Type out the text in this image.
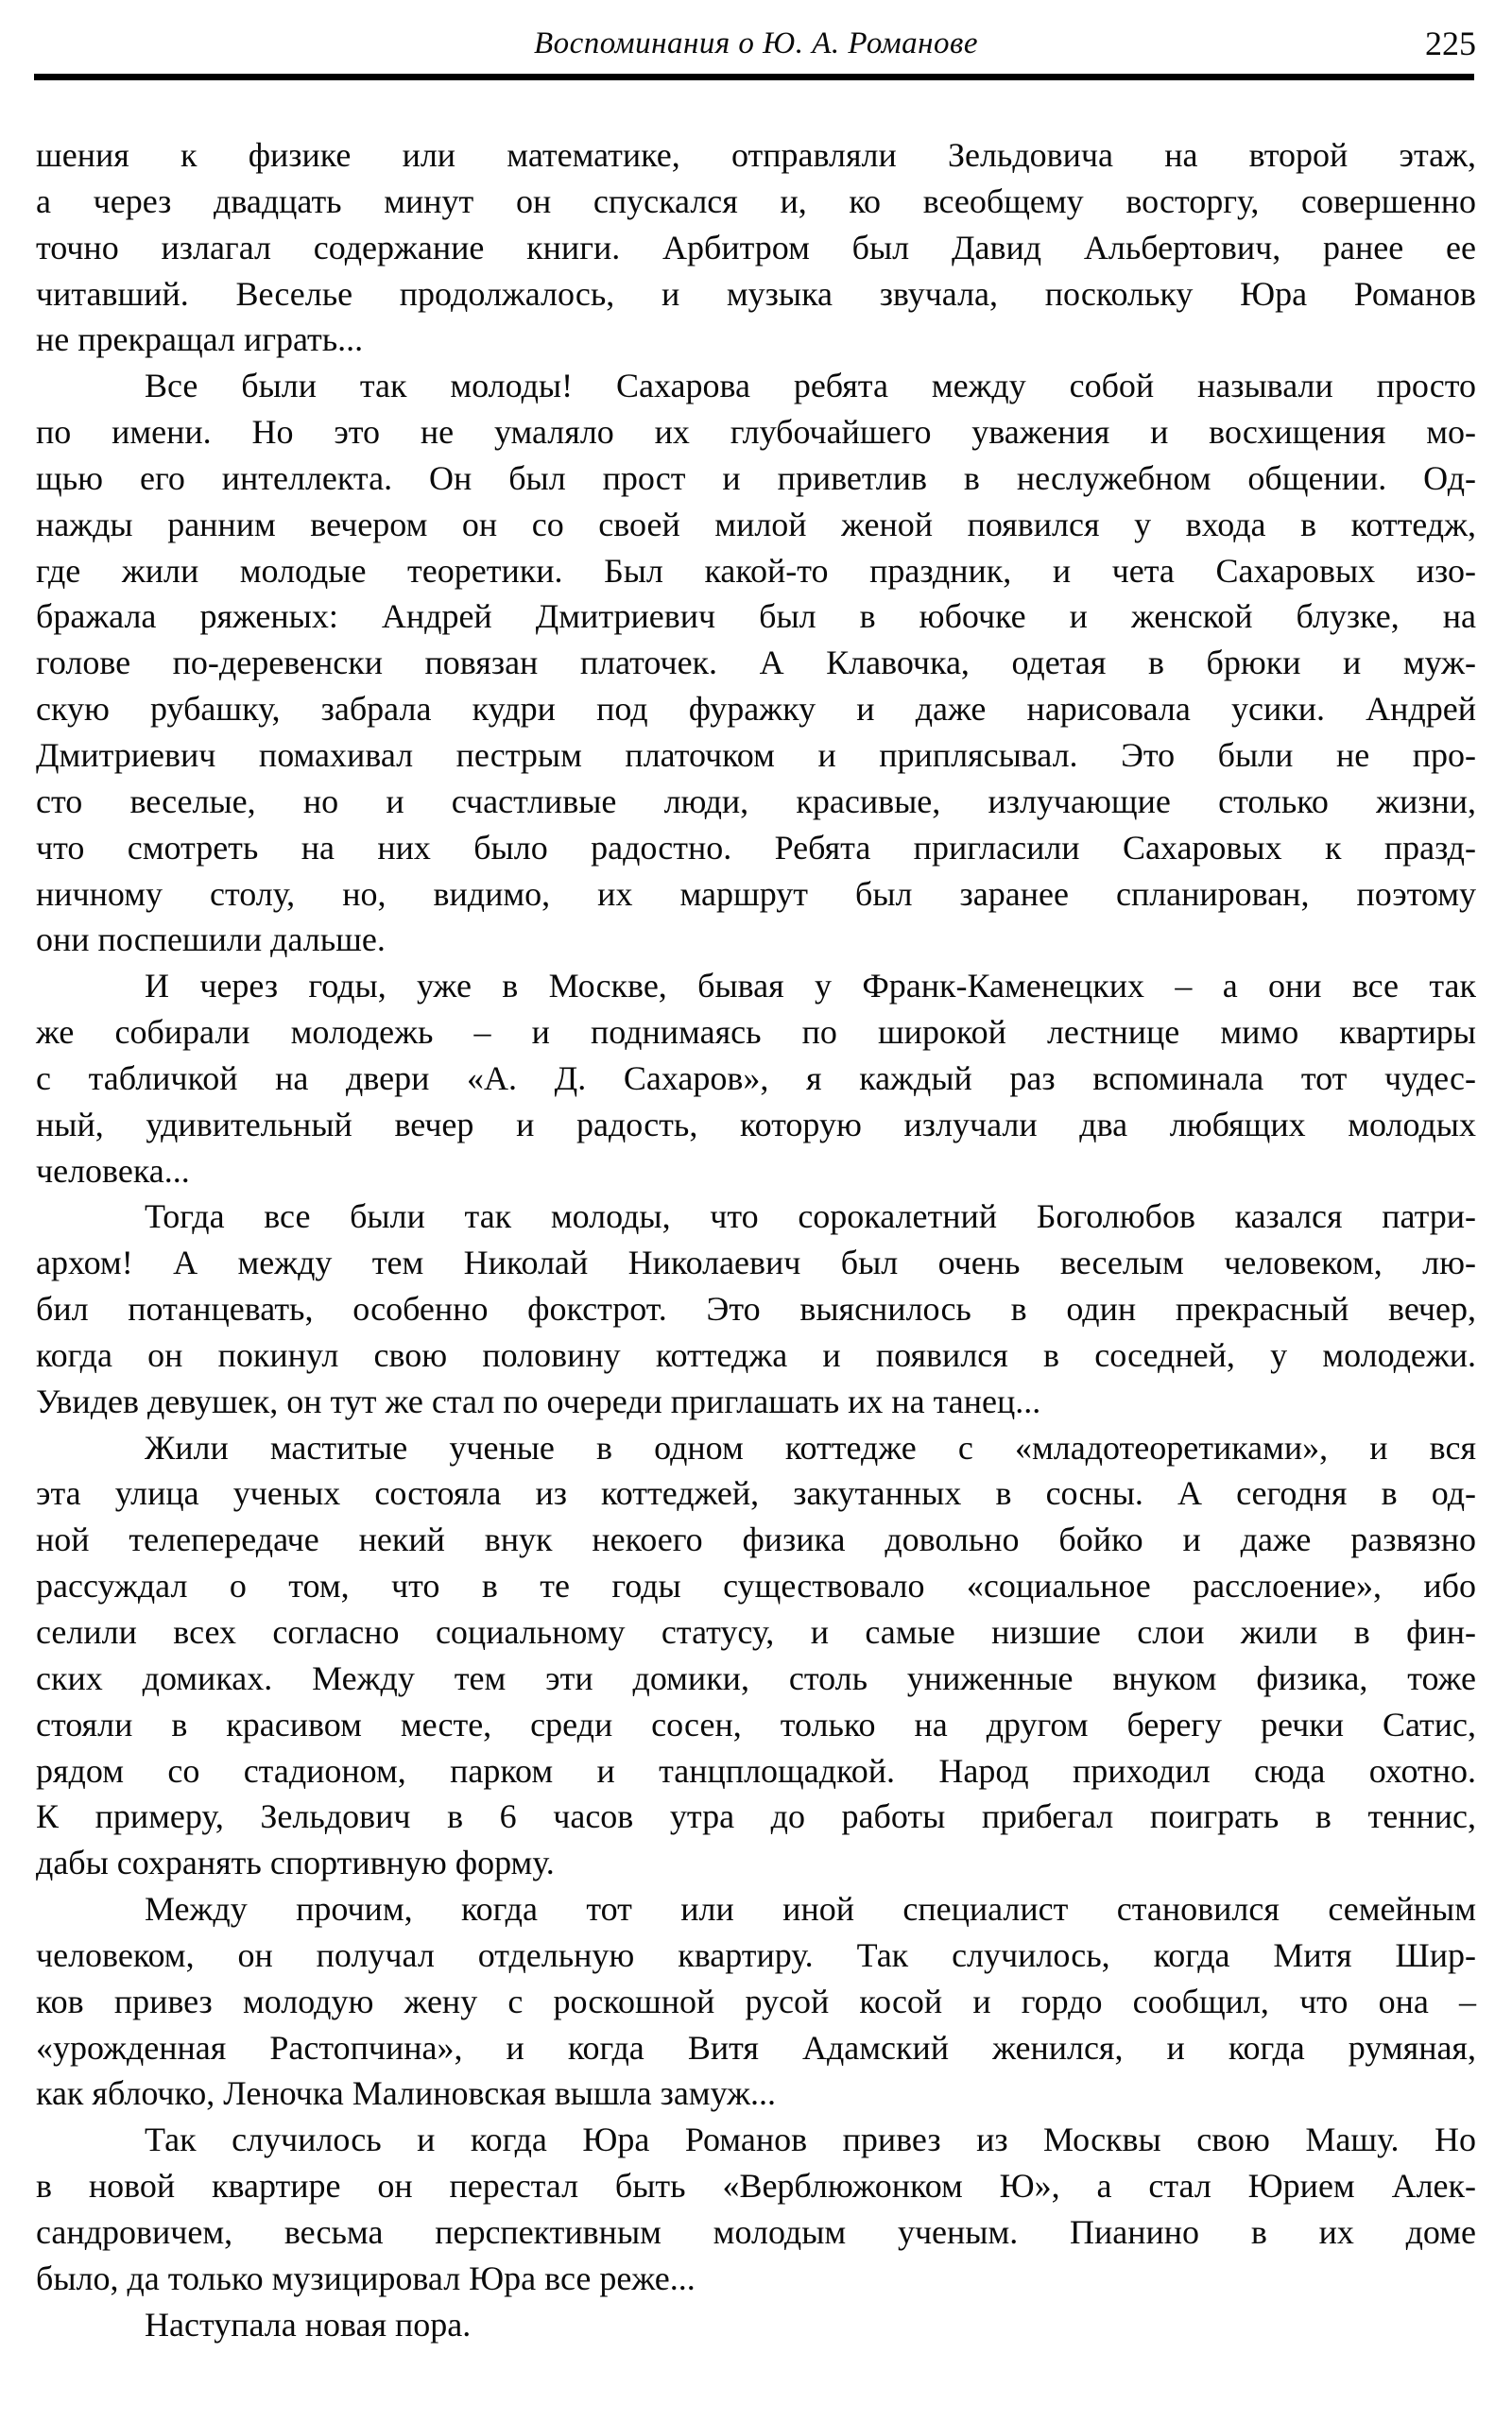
Воспоминания о Ю. А. Романове	225
шения к физике или математике, отправляли Зельдовича на второй этаж,
а через двадцать минут он спускался и, ко всеобщему восторгу, совершенно
точно излагал содержание книги. Арбитром был Давид Альбертович, ранее ее
читавший. Веселье продолжалось, и музыка звучала, поскольку Юра Романов
не прекращал играть...
Все были так молоды! Сахарова ребята между собой называли просто
по имени. Но это не умаляло их глубочайшего уважения и восхищения мо-
щью его интеллекта. Он был прост и приветлив в неслужебном общении. Од-
нажды ранним вечером он со своей милой женой появился у входа в коттедж,
где жили молодые теоретики. Был какой-то праздник, и чета Сахаровых изо-
бражала ряженых: Андрей Дмитриевич был в юбочке и женской блузке, на
голове по-деревенски повязан платочек. А Клавочка, одетая в брюки и муж-
скую рубашку, забрала кудри под фуражку и даже нарисовала усики. Андрей
Дмитриевич помахивал пестрым платочком и приплясывал. Это были не про-
сто веселые, но и счастливые люди, красивые, излучающие столько жизни,
что смотреть на них было радостно. Ребята пригласили Сахаровых к празд-
ничному столу, но, видимо, их маршрут был заранее спланирован, поэтому
они поспешили дальше.
И через годы, уже в Москве, бывая у Франк-Каменецких – а они все так
же собирали молодежь – и поднимаясь по широкой лестнице мимо квартиры
с табличкой на двери «А. Д. Сахаров», я каждый раз вспоминала тот чудес-
ный, удивительный вечер и радость, которую излучали два любящих молодых
человека...
Тогда все были так молоды, что сорокалетний Боголюбов казался патри-
архом! А между тем Николай Николаевич был очень веселым человеком, лю-
бил потанцевать, особенно фокстрот. Это выяснилось в один прекрасный вечер,
когда он покинул свою половину коттеджа и появился в соседней, у молодежи.
Увидев девушек, он тут же стал по очереди приглашать их на танец...
Жили маститые ученые в одном коттедже с «младотеоретиками», и вся
эта улица ученых состояла из коттеджей, закутанных в сосны. А сегодня в од-
ной телепередаче некий внук некоего физика довольно бойко и даже развязно
рассуждал о том, что в те годы существовало «социальное расслоение», ибо
селили всех согласно социальному статусу, и самые низшие слои жили в фин-
ских домиках. Между тем эти домики, столь униженные внуком физика, тоже
стояли в красивом месте, среди сосен, только на другом берегу речки Сатис,
рядом со стадионом, парком и танцплощадкой. Народ приходил сюда охотно.
К примеру, Зельдович в 6 часов утра до работы прибегал поиграть в теннис,
дабы сохранять спортивную форму.
Между прочим, когда тот или иной специалист становился семейным
человеком, он получал отдельную квартиру. Так случилось, когда Митя Шир-
ков привез молодую жену с роскошной русой косой и гордо сообщил, что она –
«урожденная Растопчина», и когда Витя Адамский женился, и когда румяная,
как яблочко, Леночка Малиновская вышла замуж...
Так случилось и когда Юра Романов привез из Москвы свою Машу. Но
в новой квартире он перестал быть «Верблюжонком Ю», а стал Юрием Алек-
сандровичем, весьма перспективным молодым ученым. Пианино в их доме
было, да только музицировал Юра все реже...
Наступала новая пора.
